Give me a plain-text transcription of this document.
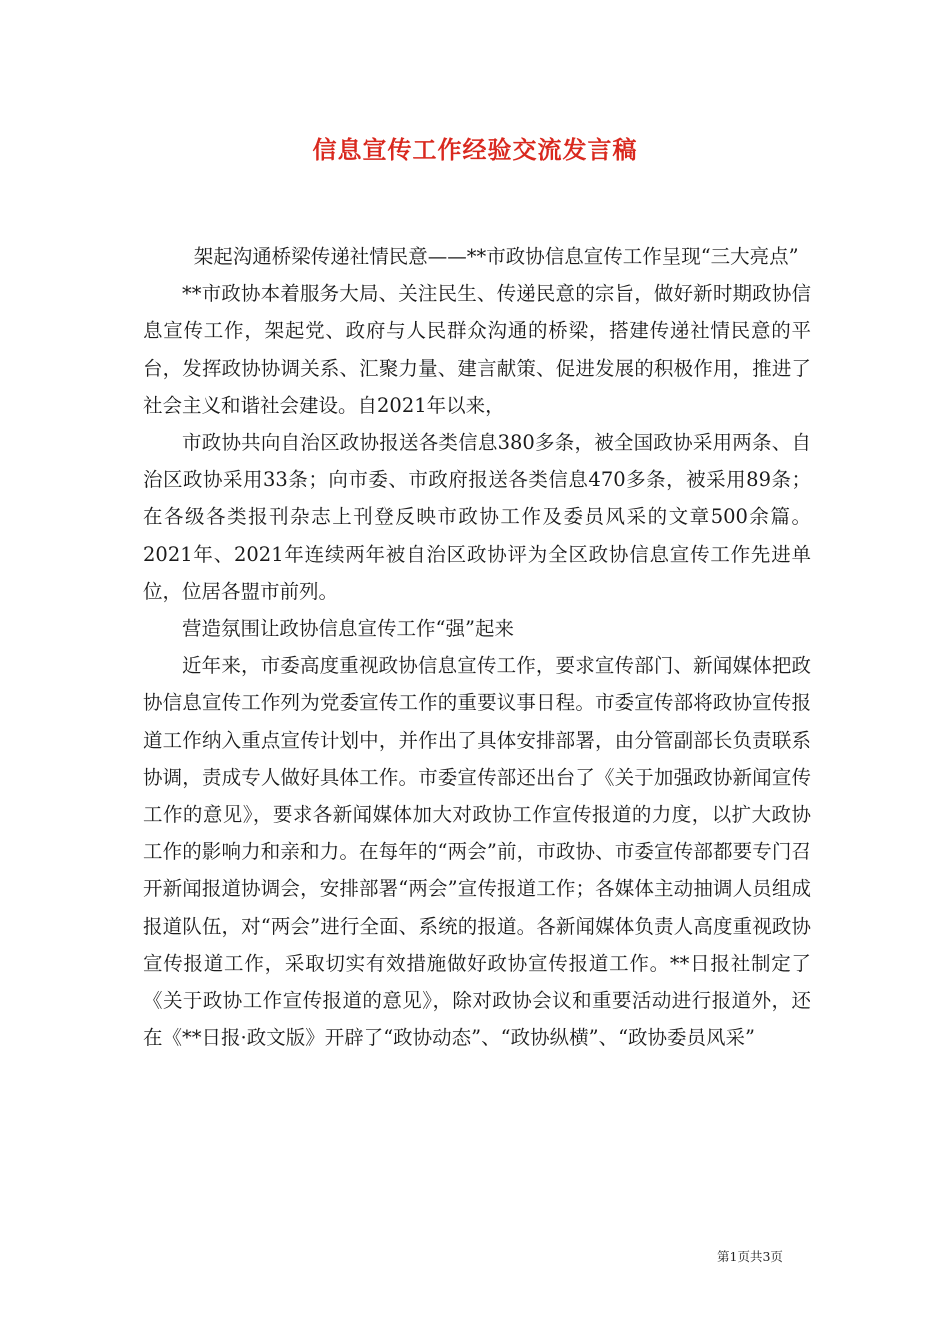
信息宣传工作经验交流发言稿

架起沟通桥梁传递社情民意——**市政协信息宣传工作呈现“三大亮点”

**市政协本着服务大局、关注民生、传递民意的宗旨，做好新时期政协信息宣传工作，架起党、政府与人民群众沟通的桥梁，搭建传递社情民意的平台，发挥政协协调关系、汇聚力量、建言献策、促进发展的积极作用，推进了社会主义和谐社会建设。自2021年以来，

市政协共向自治区政协报送各类信息380多条，被全国政协采用两条、自治区政协采用33条；向市委、市政府报送各类信息470多条，被采用89条；在各级各类报刊杂志上刊登反映市政协工作及委员风采的文章500余篇。2021年、2021年连续两年被自治区政协评为全区政协信息宣传工作先进单位，位居各盟市前列。

营造氛围让政协信息宣传工作“强”起来

近年来，市委高度重视政协信息宣传工作，要求宣传部门、新闻媒体把政协信息宣传工作列为党委宣传工作的重要议事日程。市委宣传部将政协宣传报道工作纳入重点宣传计划中，并作出了具体安排部署，由分管副部长负责联系协调，责成专人做好具体工作。市委宣传部还出台了《关于加强政协新闻宣传工作的意见》，要求各新闻媒体加大对政协工作宣传报道的力度，以扩大政协工作的影响力和亲和力。在每年的“两会”前，市政协、市委宣传部都要专门召开新闻报道协调会，安排部署“两会”宣传报道工作；各媒体主动抽调人员组成报道队伍，对“两会”进行全面、系统的报道。各新闻媒体负责人高度重视政协宣传报道工作，采取切实有效措施做好政协宣传报道工作。**日报社制定了《关于政协工作宣传报道的意见》，除对政协会议和重要活动进行报道外，还在《**日报·政文版》开辟了“政协动态”、“政协纵横”、“政协委员风采”

第1页共3页
